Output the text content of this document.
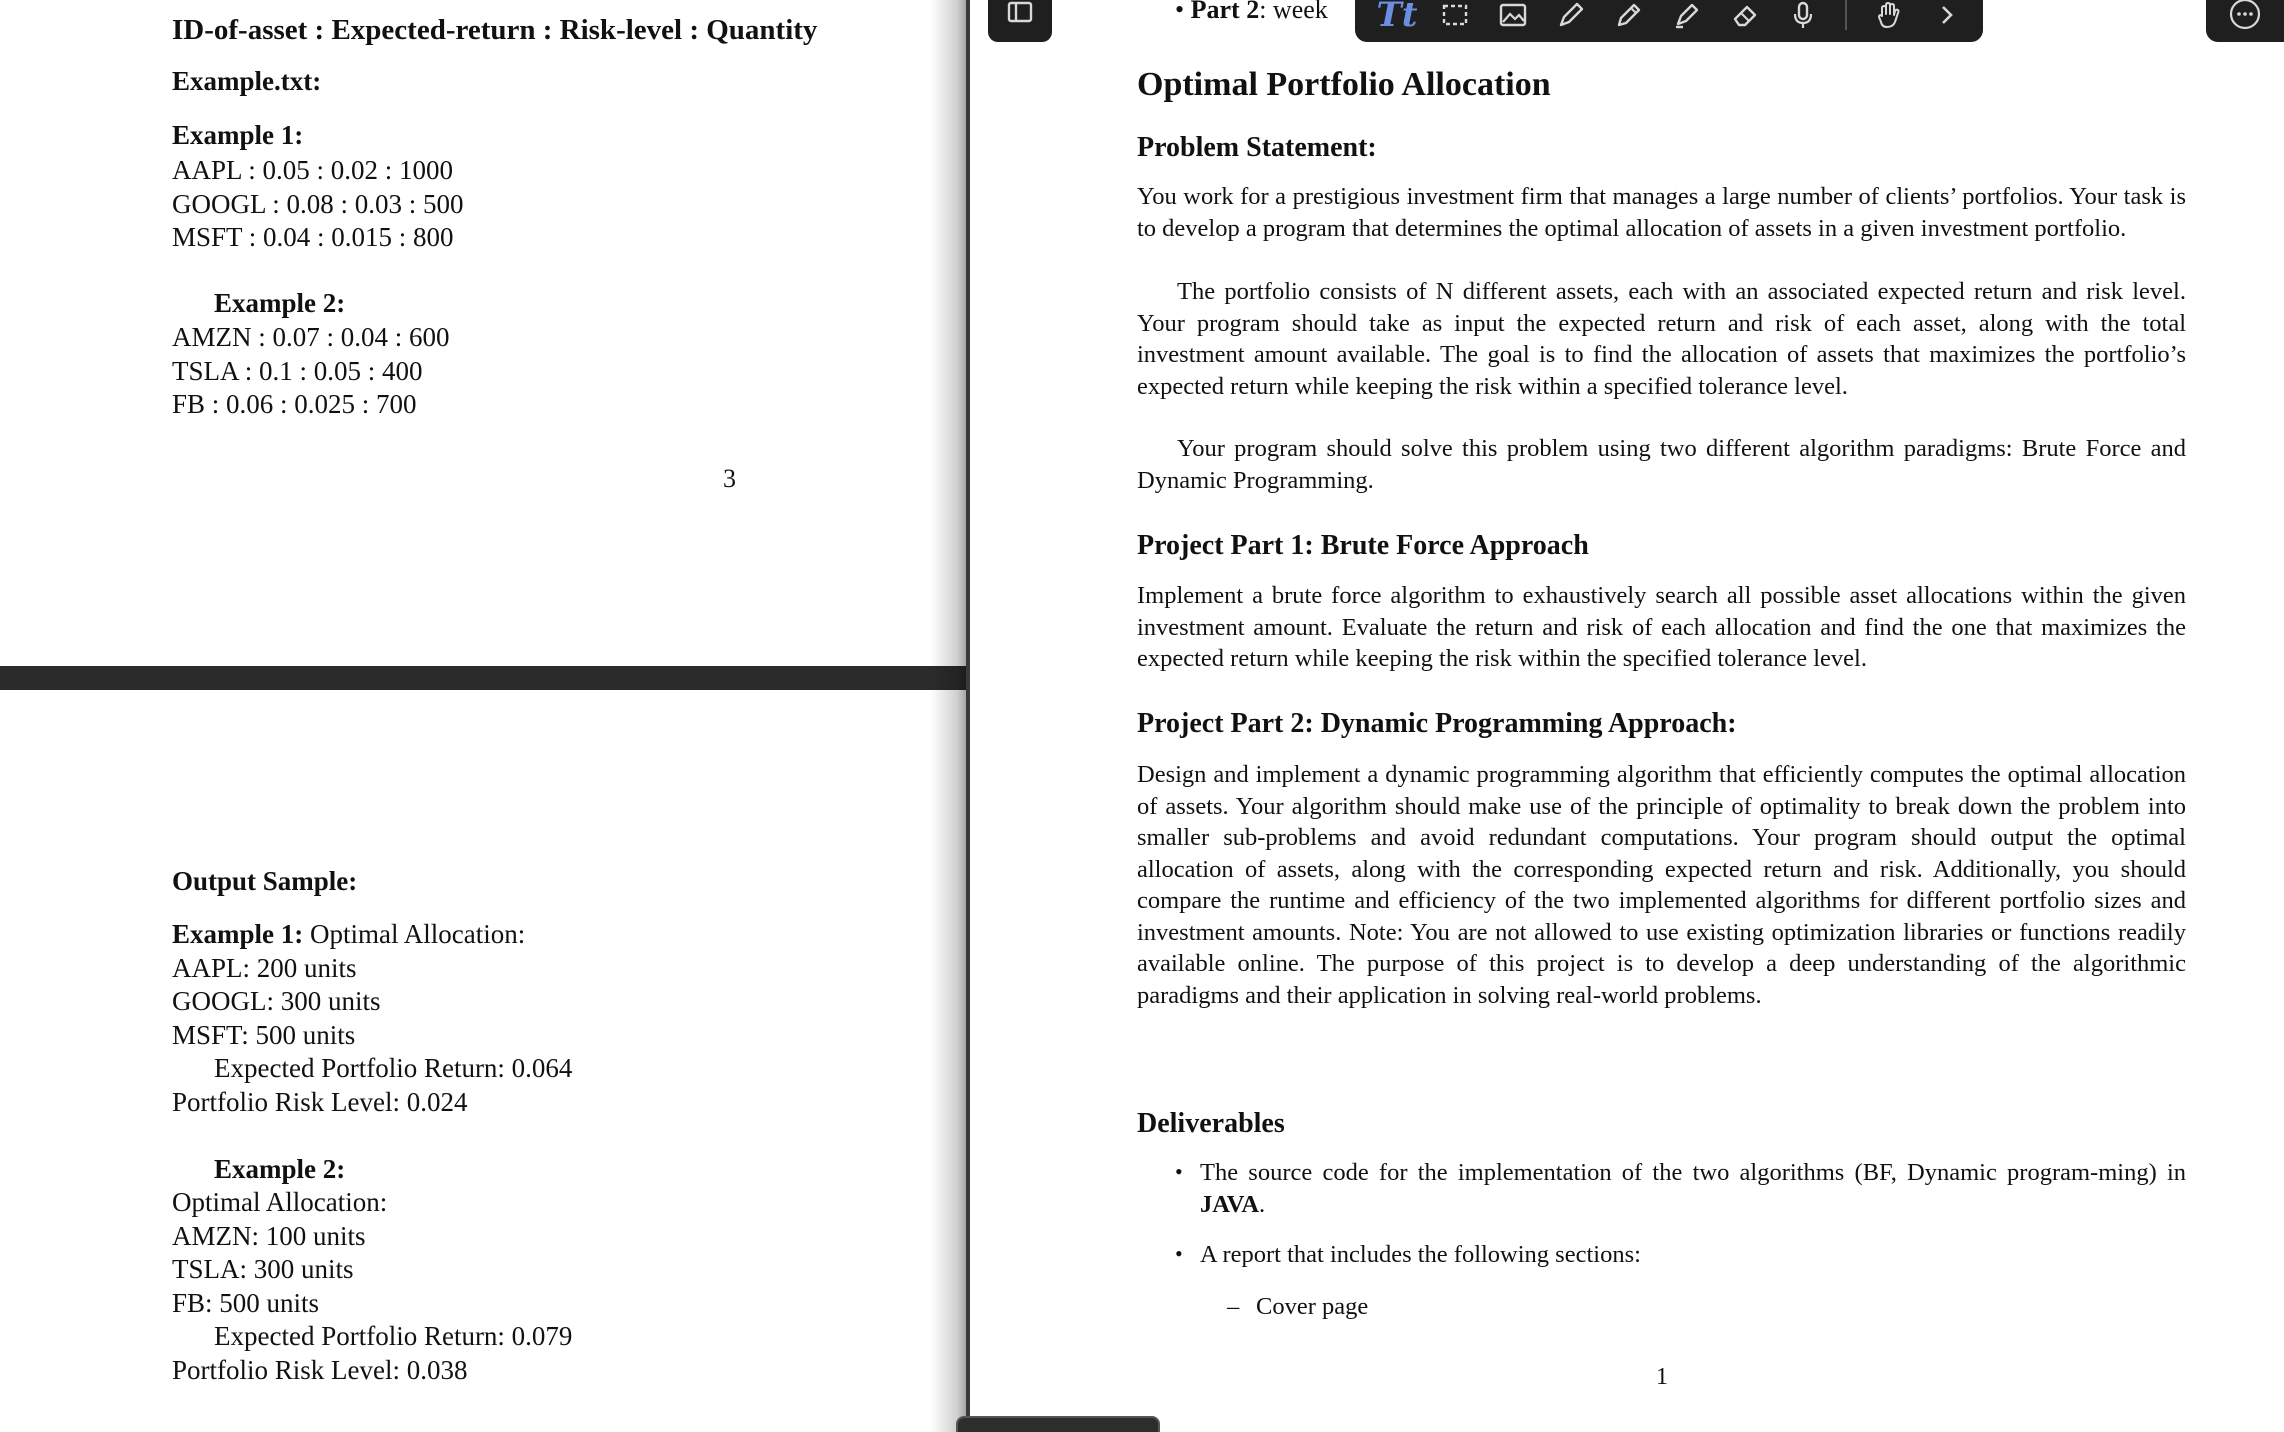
ID-of-asset : Expected-return : Risk-level : Quantity
Example.txt:
Example 1:
AAPL : 0.05 : 0.02 : 1000
GOOGL : 0.08 : 0.03 : 500
MSFT : 0.04 : 0.015 : 800
Example 2:
AMZN : 0.07 : 0.04 : 600
TSLA : 0.1 : 0.05 : 400
FB : 0.06 : 0.025 : 700
3
Output Sample:
Example 1: Optimal Allocation:
AAPL: 200 units
GOOGL: 300 units
MSFT: 500 units
Expected Portfolio Return: 0.064
Portfolio Risk Level: 0.024
Example 2:
Optimal Allocation:
AMZN: 100 units
TSLA: 300 units
FB: 500 units
Expected Portfolio Return: 0.079
Portfolio Risk Level: 0.038
• Part 2: week
Optimal Portfolio Allocation
Problem Statement:
You work for a prestigious investment firm that manages a large number of clients’ portfolios. Your task is to develop a program that determines the optimal allocation of assets in a given investment portfolio.
The portfolio consists of N different assets, each with an associated expected return and risk level. Your program should take as input the expected return and risk of each asset, along with the total investment amount available. The goal is to find the allocation of assets that maximizes the portfolio’s expected return while keeping the risk within a specified tolerance level.
Your program should solve this problem using two different algorithm paradigms: Brute Force and Dynamic Programming.
Project Part 1: Brute Force Approach
Implement a brute force algorithm to exhaustively search all possible asset allocations within the given investment amount. Evaluate the return and risk of each allocation and find the one that maximizes the expected return while keeping the risk within the specified tolerance level.
Project Part 2: Dynamic Programming Approach:
Design and implement a dynamic programming algorithm that efficiently computes the optimal allocation of assets. Your algorithm should make use of the principle of optimality to break down the problem into smaller sub-problems and avoid redundant computations. Your program should output the optimal allocation of assets, along with the corresponding expected return and risk. Additionally, you should compare the runtime and efficiency of the two implemented algorithms for different portfolio sizes and investment amounts. Note: You are not allowed to use existing optimization libraries or functions readily available online. The purpose of this project is to develop a deep understanding of the algorithmic paradigms and their application in solving real-world problems.
Deliverables
• The source code for the implementation of the two algorithms (BF, Dynamic program-ming) in JAVA.
• A report that includes the following sections:
– Cover page
1
Tt
